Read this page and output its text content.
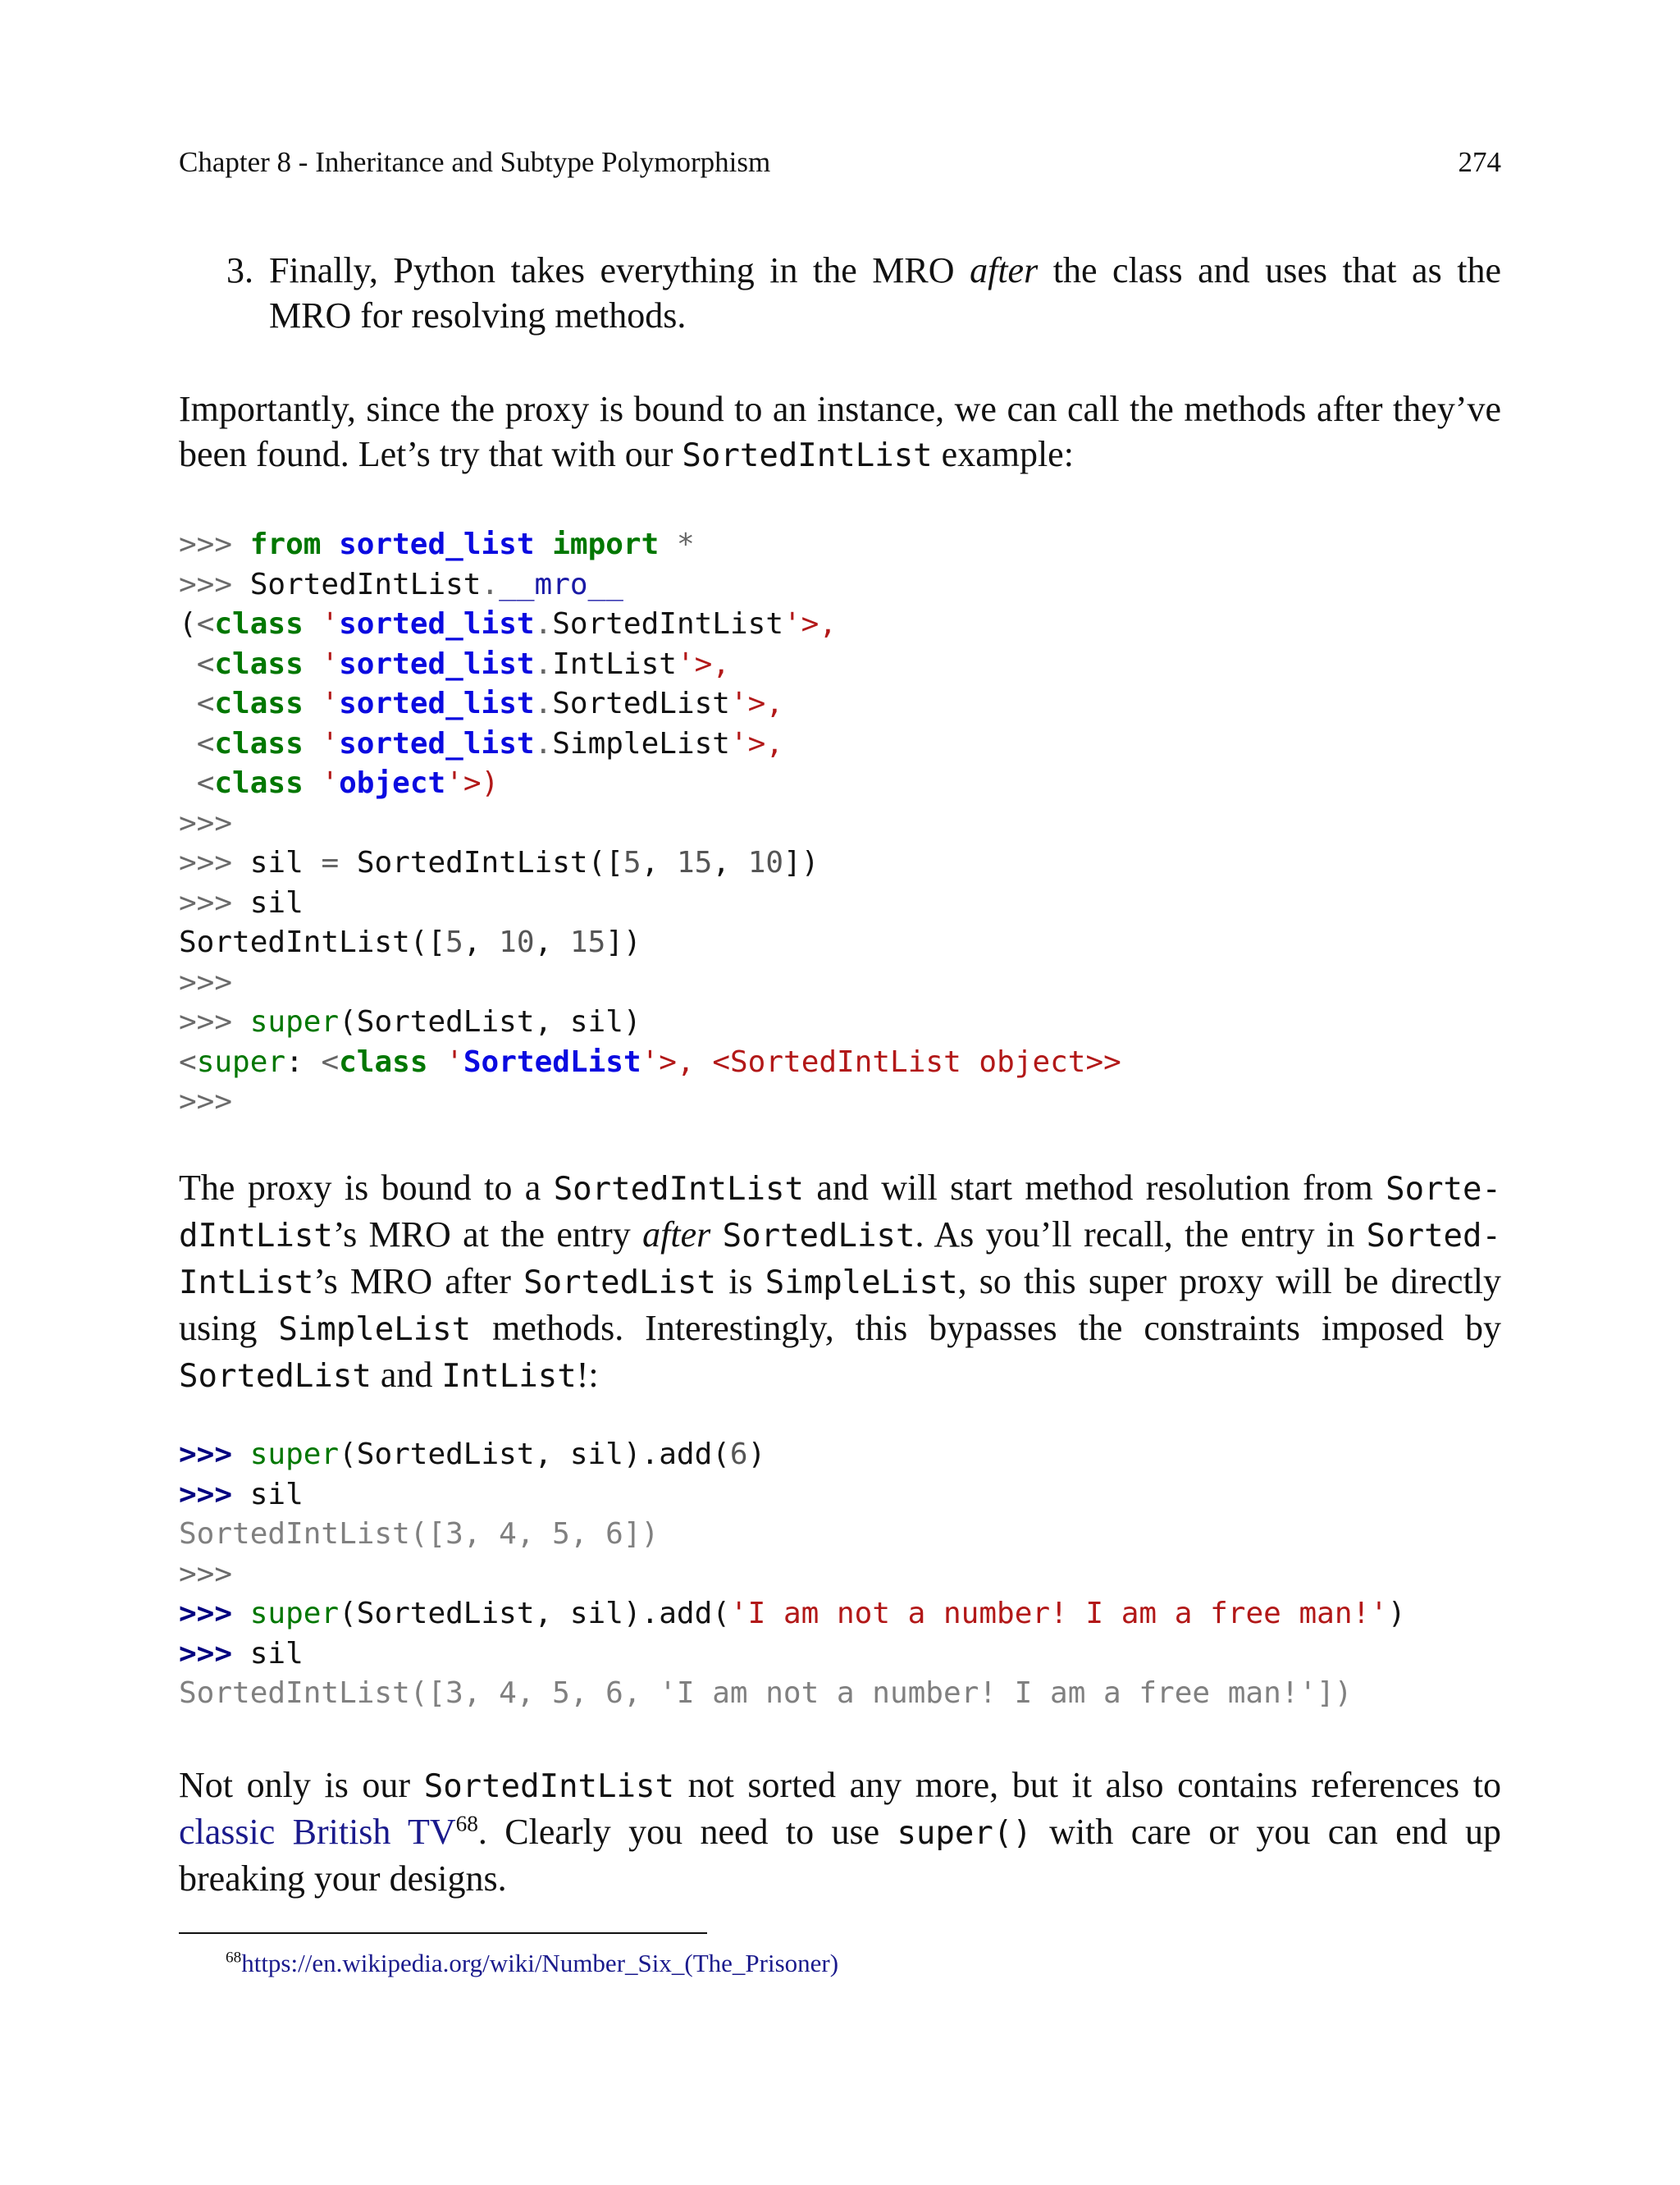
Chapter 8 - Inheritance and Subtype Polymorphism	274
3. Finally, Python takes everything in the MRO after the class and uses that as the MRO for resolving methods.
Importantly, since the proxy is bound to an instance, we can call the methods after they’ve been found. Let’s try that with our SortedIntList example:
>>> from sorted_list import *
>>> SortedIntList.__mro__
(<class 'sorted_list.SortedIntList'>,
<class 'sorted_list.IntList'>,
<class 'sorted_list.SortedList'>,
<class 'sorted_list.SimpleList'>,
<class 'object'>)
>>>
>>> sil = SortedIntList([5, 15, 10])
>>> sil
SortedIntList([5, 10, 15])
>>>
>>> super(SortedList, sil)
<super: <class 'SortedList'>, <SortedIntList object>>
>>>
The proxy is bound to a SortedIntList and will start method resolution from Sorte-dIntList’s MRO at the entry after SortedList. As you’ll recall, the entry in Sorted-IntList’s MRO after SortedList is SimpleList, so this super proxy will be directly using SimpleList methods. Interestingly, this bypasses the constraints imposed by SortedList and IntList!:
>>> super(SortedList, sil).add(6)
>>> sil
SortedIntList([3, 4, 5, 6])
>>>
>>> super(SortedList, sil).add('I am not a number! I am a free man!')
>>> sil
SortedIntList([3, 4, 5, 6, 'I am not a number! I am a free man!'])
Not only is our SortedIntList not sorted any more, but it also contains references to classic British TV$^{68}$. Clearly you need to use super() with care or you can end up breaking your designs.
$^{68}$https://en.wikipedia.org/wiki/Number_Six_(The_Prisoner)
